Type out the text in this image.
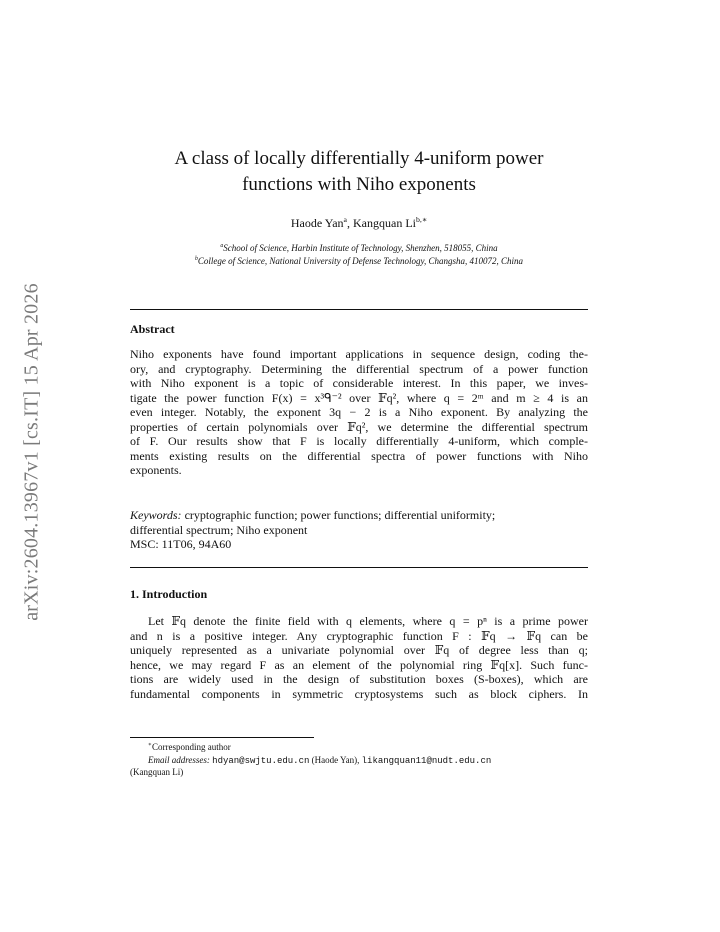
arXiv:2604.13967v1 [cs.IT] 15 Apr 2026
A class of locally differentially 4-uniform power
functions with Niho exponents
Haode Yan$^a$, Kangquan $Li^{b,∗}$
$^a$School of Science, Harbin Institute of Technology, Shenzhen, 518055, China
$^b$College of Science, National University of Defense Technology, Changsha, 410072, China
Abstract
Niho exponents have found important applications in sequence design, coding the-
ory, and cryptography. Determining the differential spectrum of a power function
with Niho exponent is a topic of considerable interest. In this paper, we inves-
tigate the power function F(x) = x³ᑫ⁻² over 𝔽q², where q = 2ᵐ and m ≥ 4 is an
even integer. Notably, the exponent 3q − 2 is a Niho exponent. By analyzing the
properties of certain polynomials over 𝔽q², we determine the differential spectrum
of F. Our results show that F is locally differentially 4-uniform, which comple-
ments existing results on the differential spectra of power functions with Niho
exponents.
Keywords: cryptographic function; power functions; differential uniformity;
differential spectrum; Niho exponent
MSC: 11T06, 94A60
1. Introduction
Let 𝔽q denote the finite field with q elements, where q = pⁿ is a prime power
and n is a positive integer. Any cryptographic function F : 𝔽q → 𝔽q can be
uniquely represented as a univariate polynomial over 𝔽q of degree less than q;
hence, we may regard F as an element of the polynomial ring 𝔽q[x]. Such func-
tions are widely used in the design of substitution boxes (S-boxes), which are
fundamental components in symmetric cryptosystems such as block ciphers. In
∗Corresponding author
Email addresses: hdyan@swjtu.edu.cn (Haode Yan), likangquan11@nudt.edu.cn
(Kangquan Li)
